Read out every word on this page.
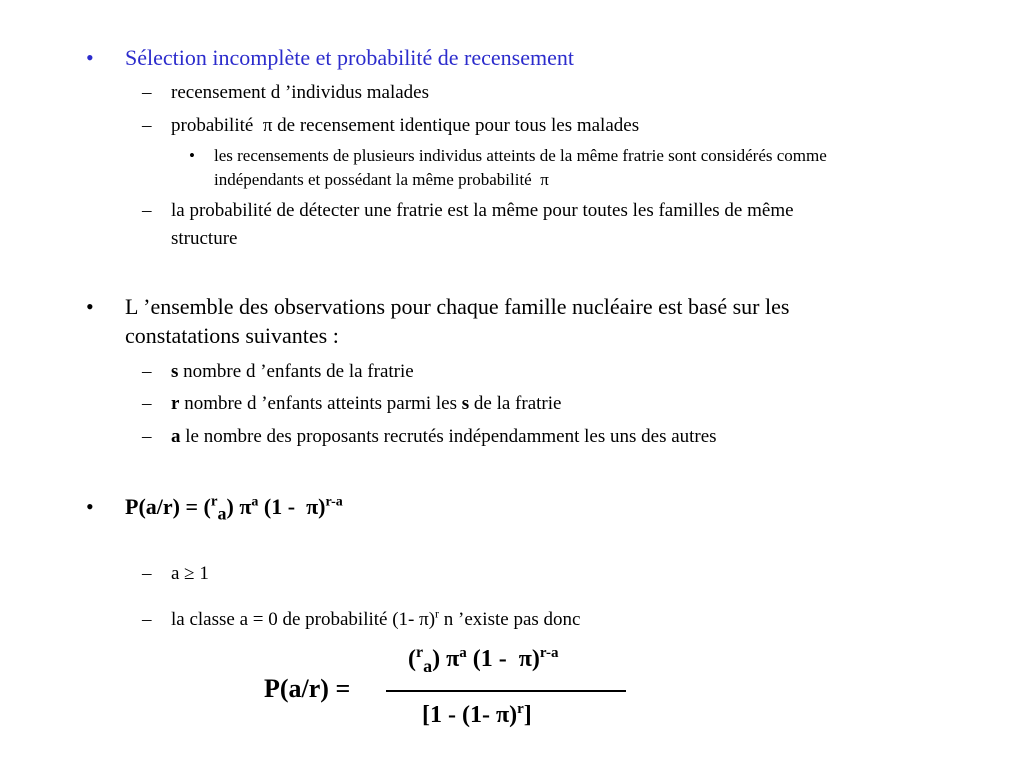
• Sélection incomplète et probabilité de recensement
– recensement d ’individus malades
– probabilité π de recensement identique pour tous les malades
• les recensements de plusieurs individus atteints de la même fratrie sont considérés comme
indépendants et possédant la même probabilité π
– la probabilité de détecter une fratrie est la même pour toutes les familles de même
structure
• L ’ensemble des observations pour chaque famille nucléaire est basé sur les
constatations suivantes :
– s nombre d ’enfants de la fratrie
– r nombre d ’enfants atteints parmi les s de la fratrie
– a le nombre des proposants recrutés indépendamment les uns des autres
• P(a/r) = ($^r_a$) $\pi^a$ (1 -  π)$^{r-a}$
– a ≥ 1
– la classe a = 0 de probabilité (1- π)$^r$ n ’existe pas donc
P(a/r) =
($^r_a$) $\pi^a$ (1 -  π)$^{r-a}$
[1 - (1- π)$^r$]
